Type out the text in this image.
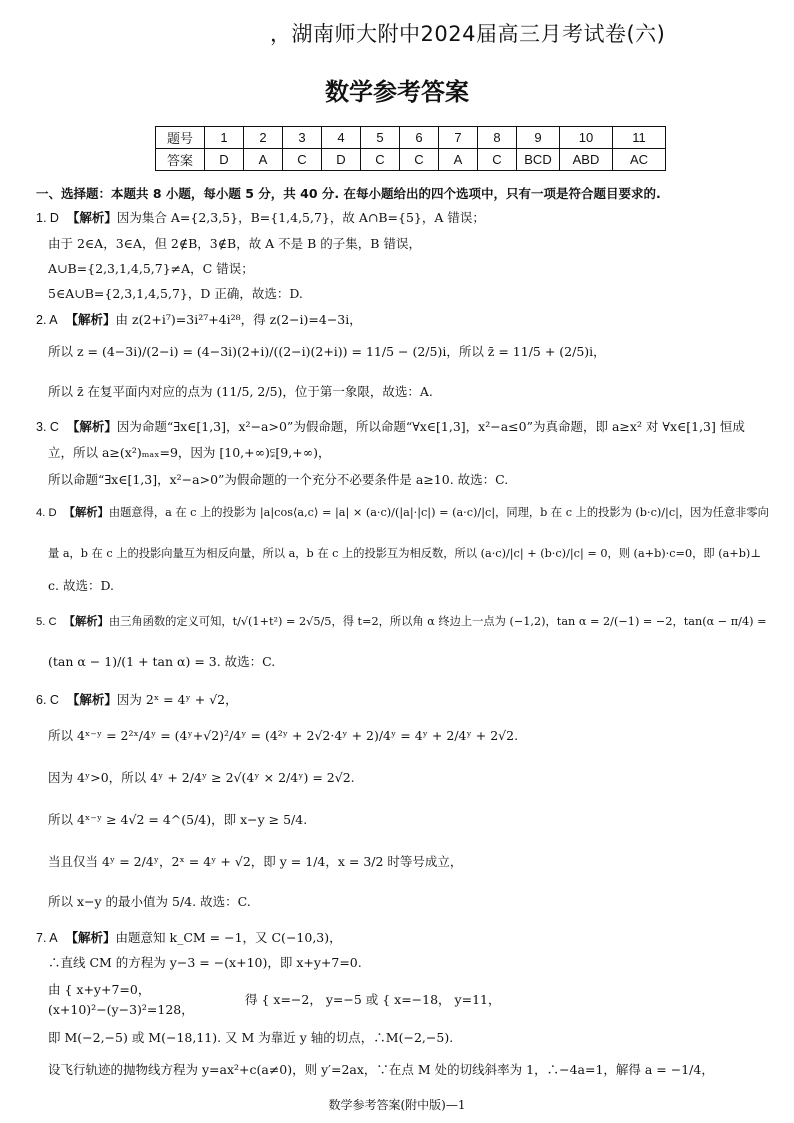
，湖南师大附中2024届高三月考试卷(六)
数学参考答案
题号	1	2	3	4	5	6	7	8	9	10	11
答案	D	A	C	D	C	C	A	C	BCD	ABD	AC
一、选择题：本题共 8 小题，每小题 5 分，共 40 分. 在每小题给出的四个选项中，只有一项是符合题目要求的.
1. D 【解析】因为集合 A={2,3,5}，B={1,4,5,7}，故 A∩B={5}，A 错误；
由于 2∈A，3∈A，但 2∉B，3∉B，故 A 不是 B 的子集，B 错误，
A∪B={2,3,1,4,5,7}≠A，C 错误；
5∈A∪B={2,3,1,4,5,7}，D 正确，故选：D.
2. A 【解析】由 z(2+i⁷)=3i²⁷+4i²⁸，得 z(2−i)=4−3i，
所以 z = (4−3i)/(2−i) = (4−3i)(2+i)/((2−i)(2+i)) = 11/5 − (2/5)i，所以 z̄ = 11/5 + (2/5)i，
所以 z̄ 在复平面内对应的点为 (11/5, 2/5)，位于第一象限，故选：A.
3. C 【解析】因为命题“∃x∈[1,3]，x²−a>0”为假命题，所以命题“∀x∈[1,3]，x²−a≤0”为真命题，即 a≥x² 对 ∀x∈[1,3] 恒成
立，所以 a≥(x²)ₘₐₓ=9，因为 [10,+∞)⫋[9,+∞)，
所以命题“∃x∈[1,3]，x²−a>0”为假命题的一个充分不必要条件是 a≥10. 故选：C.
4. D 【解析】由题意得，a 在 c 上的投影为 |a|cos⟨a,c⟩ = |a| × (a·c)/(|a|·|c|) = (a·c)/|c|，同理，b 在 c 上的投影为 (b·c)/|c|，因为任意非零向
量 a，b 在 c 上的投影向量互为相反向量，所以 a，b 在 c 上的投影互为相反数，所以 (a·c)/|c| + (b·c)/|c| = 0，则 (a+b)·c=0，即 (a+b)⊥
c. 故选：D.
5. C 【解析】由三角函数的定义可知，t/√(1+t²) = 2√5/5，得 t=2，所以角 α 终边上一点为 (−1,2)，tan α = 2/(−1) = −2，tan(α − π/4) =
(tan α − 1)/(1 + tan α) = 3. 故选：C.
6. C 【解析】因为 2ˣ = 4ʸ + √2，
所以 4ˣ⁻ʸ = 2²ˣ/4ʸ = (4ʸ+√2)²/4ʸ = (4²ʸ + 2√2·4ʸ + 2)/4ʸ = 4ʸ + 2/4ʸ + 2√2.
因为 4ʸ>0，所以 4ʸ + 2/4ʸ ≥ 2√(4ʸ × 2/4ʸ) = 2√2.
所以 4ˣ⁻ʸ ≥ 4√2 = 4^(5/4)，即 x−y ≥ 5/4.
当且仅当 4ʸ = 2/4ʸ，2ˣ = 4ʸ + √2，即 y = 1/4，x = 3/2 时等号成立，
所以 x−y 的最小值为 5/4. 故选：C.
7. A 【解析】由题意知 k_CM = −1，又 C(−10,3)，
∴直线 CM 的方程为 y−3 = −(x+10)，即 x+y+7=0.
由 { x+y+7=0，
(x+10)²−(y−3)²=128，
得 { x=−2， y=−5 或 { x=−18， y=11，
即 M(−2,−5) 或 M(−18,11). 又 M 为靠近 y 轴的切点，∴M(−2,−5).
设飞行轨迹的抛物线方程为 y=ax²+c(a≠0)，则 y′=2ax，∵在点 M 处的切线斜率为 1，∴−4a=1，解得 a = −1/4，
数学参考答案(附中版)—1
